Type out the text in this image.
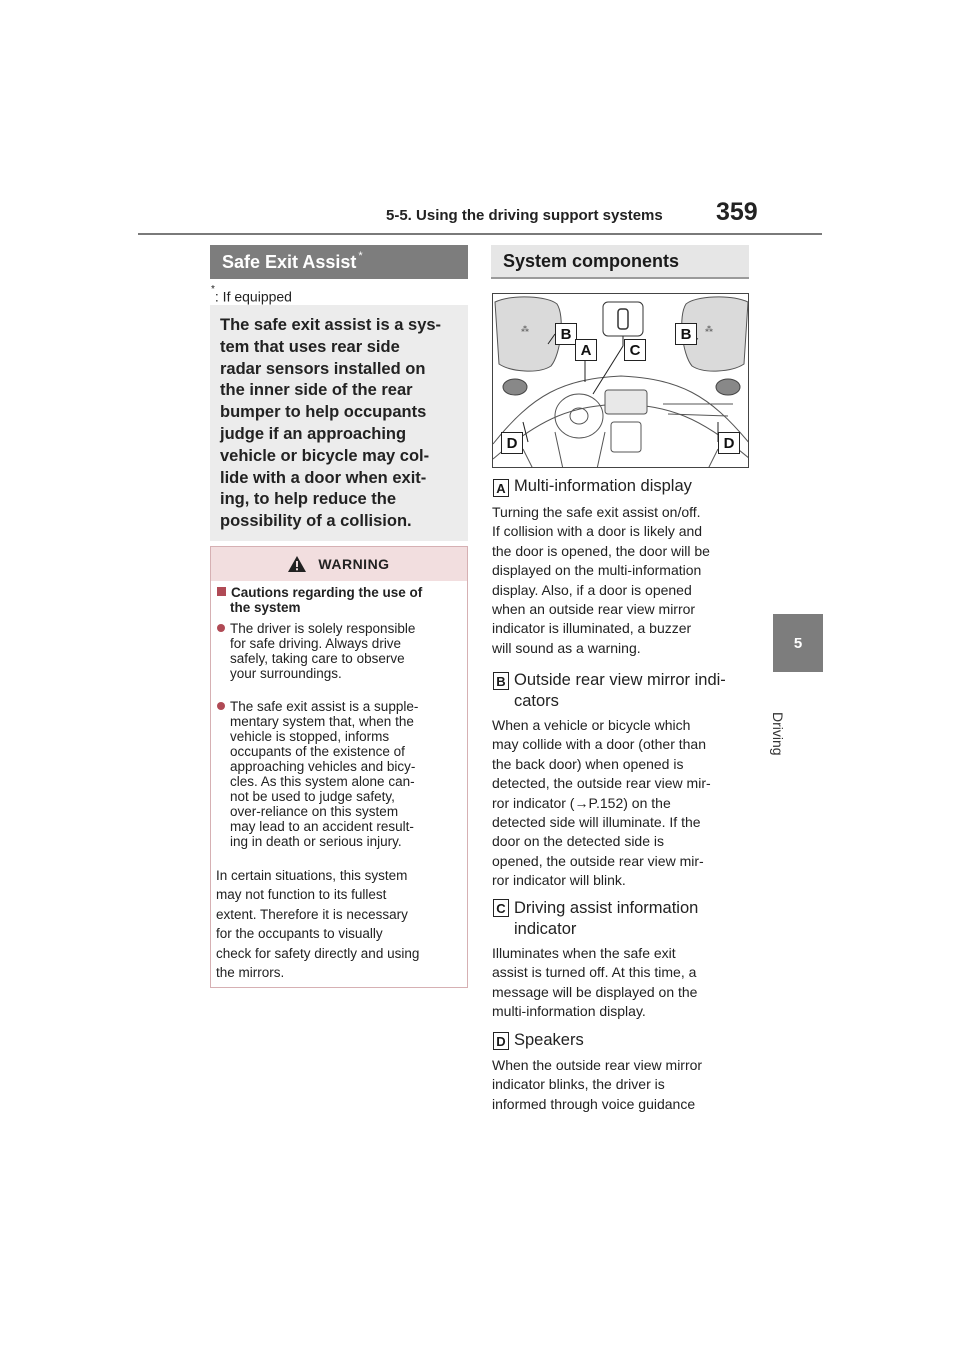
5-5. Using the driving support systems 359
5
Driving
Safe Exit Assist*
*: If equipped
The safe exit assist is a sys-
tem that uses rear side
radar sensors installed on
the inner side of the rear
bumper to help occupants
judge if an approaching
vehicle or bicycle may col-
lide with a door when exit-
ing, to help reduce the
possibility of a collision.
WARNING
Cautions regarding the use of
the system
The driver is solely responsible
for safe driving. Always drive
safely, taking care to observe
your surroundings.
The safe exit assist is a supple-
mentary system that, when the
vehicle is stopped, informs
occupants of the existence of
approaching vehicles and bicy-
cles. As this system alone can-
not be used to judge safety,
over-reliance on this system
may lead to an accident result-
ing in death or serious injury.
In certain situations, this system
may not function to its fullest
extent. Therefore it is necessary
for the occupants to visually
check for safety directly and using
the mirrors.
System components
⁂	⁂
B
A	C
B
D	D
A Multi-information display
Turning the safe exit assist on/off.
If collision with a door is likely and
the door is opened, the door will be
displayed on the multi-information
display. Also, if a door is opened
when an outside rear view mirror
indicator is illuminated, a buzzer
will sound as a warning.
B Outside rear view mirror indi-
cators
When a vehicle or bicycle which
may collide with a door (other than
the back door) when opened is
detected, the outside rear view mir-
ror indicator (→P.152) on the
detected side will illuminate. If the
door on the detected side is
opened, the outside rear view mir-
ror indicator will blink.
C Driving assist information
indicator
Illuminates when the safe exit
assist is turned off. At this time, a
message will be displayed on the
multi-information display.
D Speakers
When the outside rear view mirror
indicator blinks, the driver is
informed through voice guidance
